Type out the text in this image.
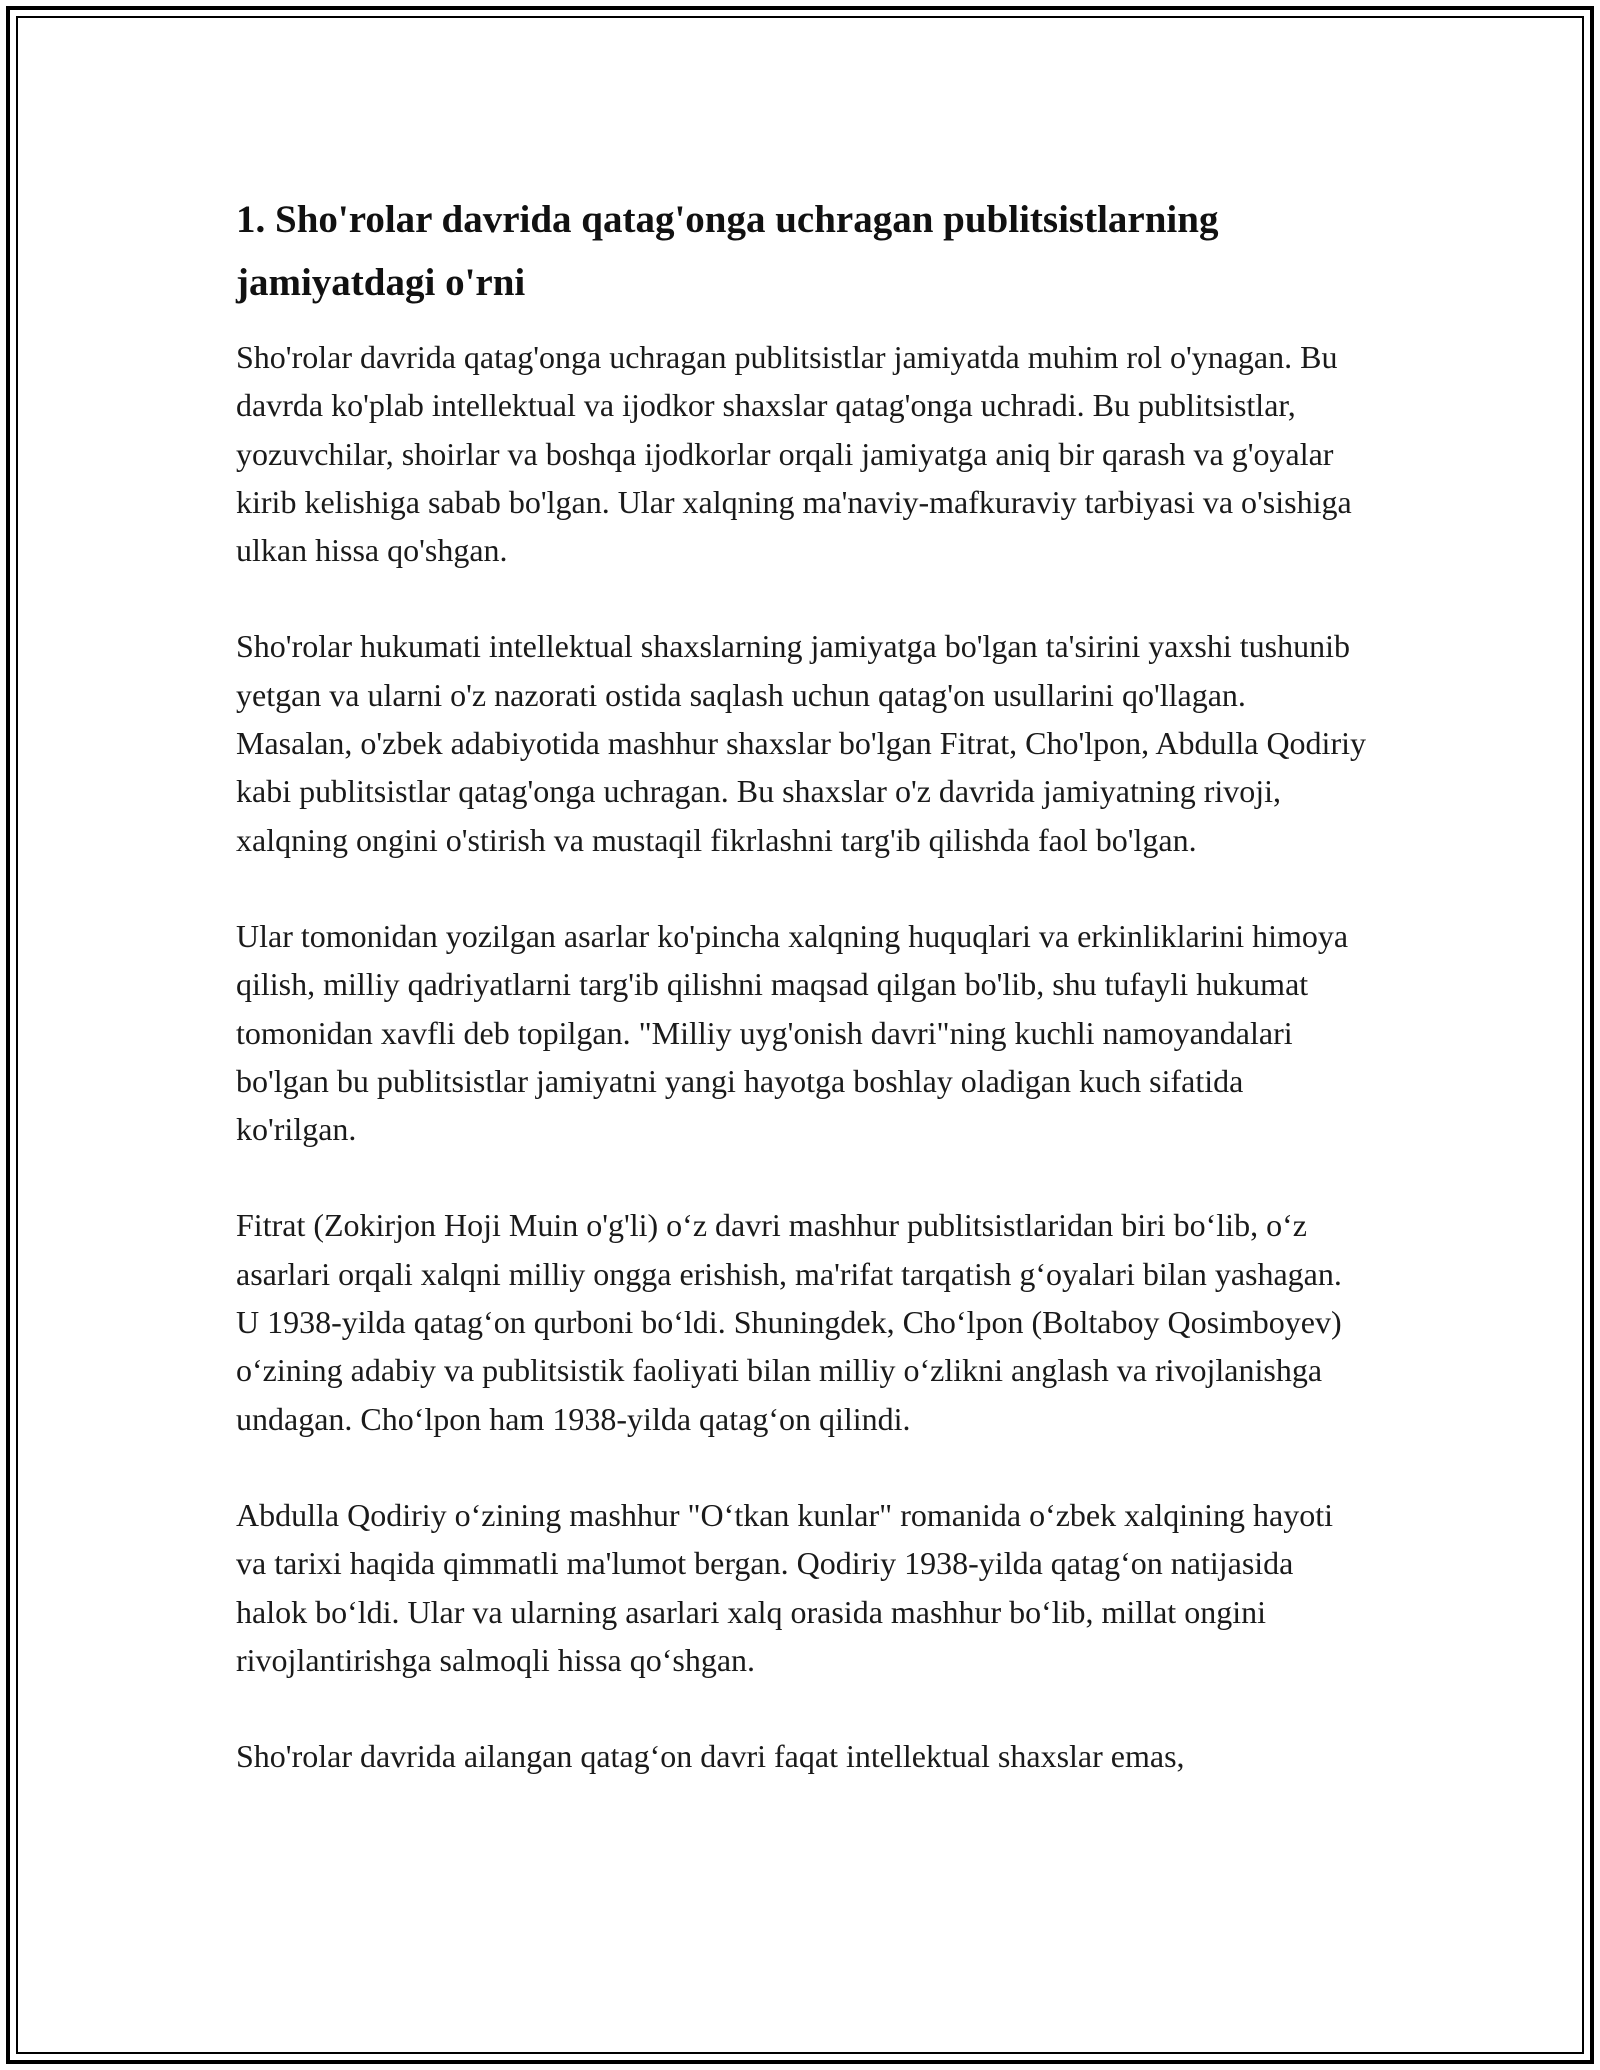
1. Sho'rolar davrida qatag'onga uchragan publitsistlarning jamiyatdagi o'rni

Sho'rolar davrida qatag'onga uchragan publitsistlar jamiyatda muhim rol o'ynagan. Bu davrda ko'plab intellektual va ijodkor shaxslar qatag'onga uchradi. Bu publitsistlar, yozuvchilar, shoirlar va boshqa ijodkorlar orqali jamiyatga aniq bir qarash va g'oyalar kirib kelishiga sabab bo'lgan. Ular xalqning ma'naviy-mafkuraviy tarbiyasi va o'sishiga ulkan hissa qo'shgan.

Sho'rolar hukumati intellektual shaxslarning jamiyatga bo'lgan ta'sirini yaxshi tushunib yetgan va ularni o'z nazorati ostida saqlash uchun qatag'on usullarini qo'llagan. Masalan, o'zbek adabiyotida mashhur shaxslar bo'lgan Fitrat, Cho'lpon, Abdulla Qodiriy kabi publitsistlar qatag'onga uchragan. Bu shaxslar o'z davrida jamiyatning rivoji, xalqning ongini o'stirish va mustaqil fikrlashni targ'ib qilishda faol bo'lgan.

Ular tomonidan yozilgan asarlar ko'pincha xalqning huquqlari va erkinliklarini himoya qilish, milliy qadriyatlarni targ'ib qilishni maqsad qilgan bo'lib, shu tufayli hukumat tomonidan xavfli deb topilgan. "Milliy uyg'onish davri"ning kuchli namoyandalari bo'lgan bu publitsistlar jamiyatni yangi hayotga boshlay oladigan kuch sifatida ko'rilgan.

Fitrat (Zokirjon Hoji Muin o'g'li) o‘z davri mashhur publitsistlaridan biri bo‘lib, o‘z asarlari orqali xalqni milliy ongga erishish, ma'rifat tarqatish g‘oyalari bilan yashagan. U 1938-yilda qatag‘on qurboni bo‘ldi. Shuningdek, Cho‘lpon (Boltaboy Qosimboyev) o‘zining adabiy va publitsistik faoliyati bilan milliy o‘zlikni anglash va rivojlanishga undagan. Cho‘lpon ham 1938-yilda qatag‘on qilindi.

Abdulla Qodiriy o‘zining mashhur "O‘tkan kunlar" romanida o‘zbek xalqining hayoti va tarixi haqida qimmatli ma'lumot bergan. Qodiriy 1938-yilda qatag‘on natijasida halok bo‘ldi. Ular va ularning asarlari xalq orasida mashhur bo‘lib, millat ongini rivojlantirishga salmoqli hissa qo‘shgan.

Sho'rolar davrida ailangan qatag‘on davri faqat intellektual shaxslar emas,
